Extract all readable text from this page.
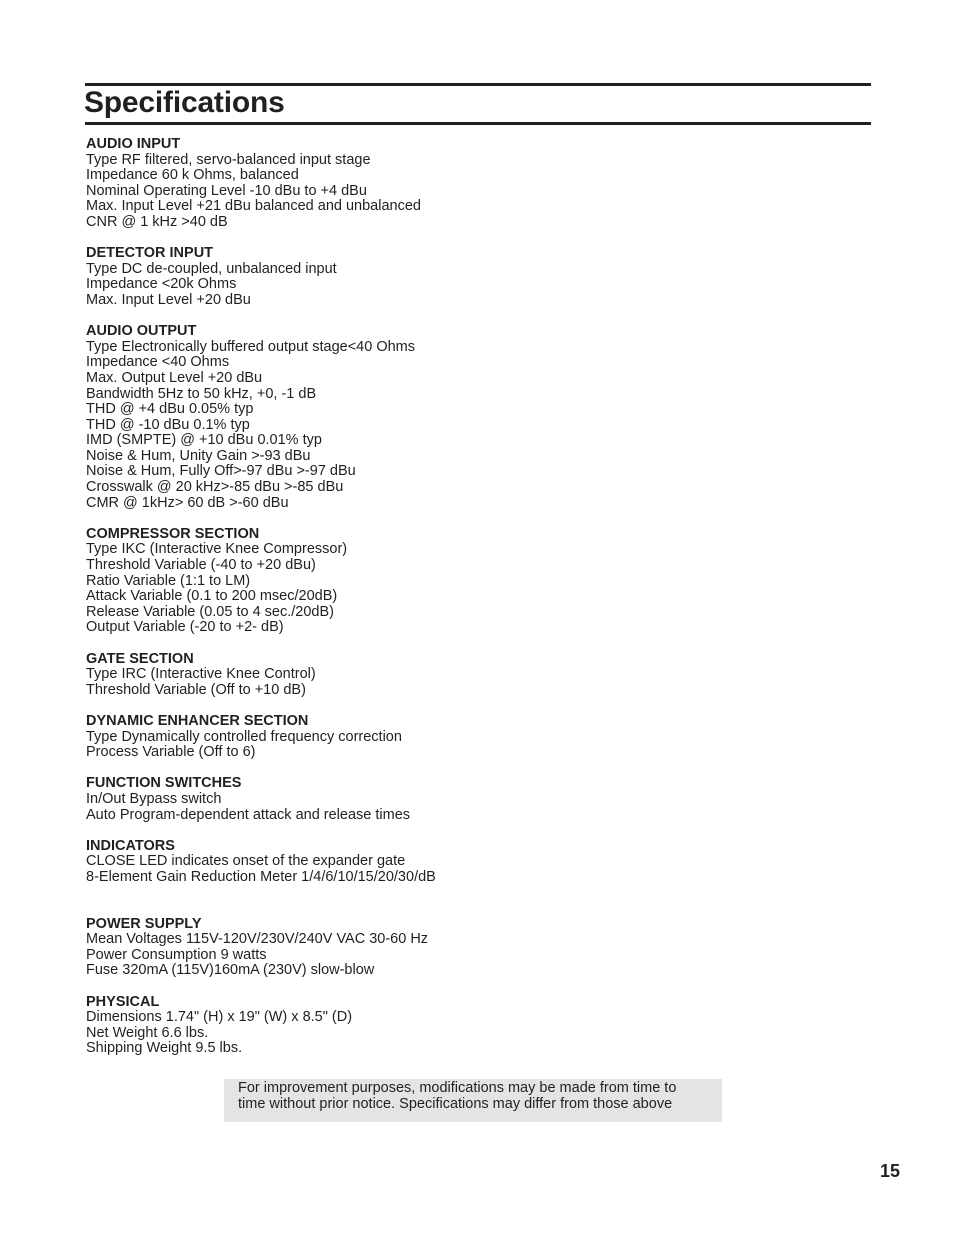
Specifications
AUDIO INPUT
Type RF filtered, servo-balanced input stage
Impedance 60 k Ohms, balanced
Nominal Operating Level -10 dBu to +4 dBu
Max. Input Level +21 dBu balanced and unbalanced
CNR @ 1 kHz >40 dB
DETECTOR INPUT
Type DC de-coupled, unbalanced input
Impedance <20k Ohms
Max. Input Level +20 dBu
AUDIO OUTPUT
Type Electronically buffered output stage<40 Ohms
Impedance <40 Ohms
Max. Output Level +20 dBu
Bandwidth 5Hz to 50 kHz, +0, -1 dB
THD @ +4 dBu 0.05% typ
THD @ -10 dBu 0.1% typ
IMD (SMPTE) @ +10 dBu 0.01% typ
Noise & Hum, Unity Gain >-93 dBu
Noise & Hum, Fully Off>-97 dBu >-97 dBu
Crosswalk @ 20 kHz>-85 dBu >-85 dBu
CMR @ 1kHz> 60 dB >-60 dBu
COMPRESSOR SECTION
Type IKC (Interactive Knee Compressor)
Threshold Variable (-40 to +20 dBu)
Ratio Variable (1:1 to LM)
Attack Variable (0.1 to 200 msec/20dB)
Release Variable (0.05 to 4 sec./20dB)
Output Variable (-20 to +2- dB)
GATE SECTION
Type IRC (Interactive Knee Control)
Threshold Variable (Off to +10 dB)
DYNAMIC ENHANCER SECTION
Type Dynamically controlled frequency correction
Process Variable (Off to 6)
FUNCTION SWITCHES
In/Out Bypass switch
Auto Program-dependent attack and release times
INDICATORS
CLOSE LED indicates onset of the expander gate
8-Element Gain Reduction Meter 1/4/6/10/15/20/30/dB
POWER SUPPLY
Mean Voltages 115V-120V/230V/240V VAC 30-60 Hz
Power Consumption 9 watts
Fuse 320mA (115V)160mA (230V) slow-blow
PHYSICAL
Dimensions 1.74" (H) x 19" (W) x 8.5" (D)
Net Weight 6.6 lbs.
Shipping Weight 9.5 lbs.
For improvement purposes, modifications may be made from time to
time without prior notice. Specifications may differ from those above
15
